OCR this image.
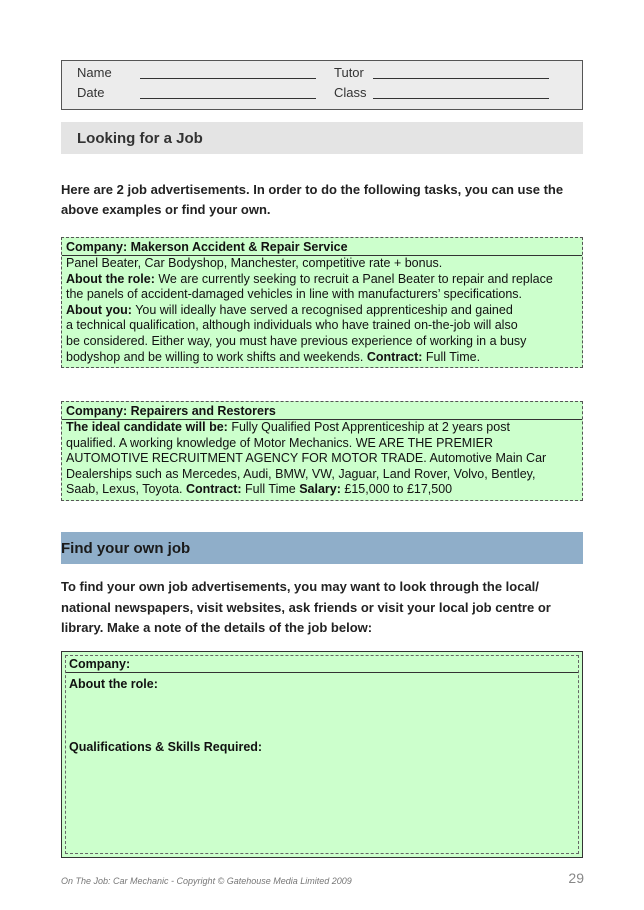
Name
Date
Tutor
Class
Looking for a Job
Here are 2 job advertisements. In order to do the following tasks, you can use the
above examples or find your own.
Company: Makerson Accident & Repair Service
Panel Beater, Car Bodyshop, Manchester, competitive rate + bonus.
About the role: We are currently seeking to recruit a Panel Beater to repair and replace
the panels of accident-damaged vehicles in line with manufacturers’ specifications.
About you: You will ideally have served a recognised apprenticeship and gained
a technical qualification, although individuals who have trained on-the-job will also
be considered. Either way, you must have previous experience of working in a busy
bodyshop and be willing to work shifts and weekends. Contract: Full Time.
Company: Repairers and Restorers
The ideal candidate will be: Fully Qualified Post Apprenticeship at 2 years post
qualified. A working knowledge of Motor Mechanics. WE ARE THE PREMIER
AUTOMOTIVE RECRUITMENT AGENCY FOR MOTOR TRADE. Automotive Main Car
Dealerships such as Mercedes, Audi, BMW, VW, Jaguar, Land Rover, Volvo, Bentley,
Saab, Lexus, Toyota. Contract: Full Time Salary: £15,000 to £17,500
Find your own job
To find your own job advertisements, you may want to look through the local/
national newspapers, visit websites, ask friends or visit your local job centre or
library. Make a note of the details of the job below:
Company:
About the role:
Qualifications & Skills Required:
On The Job: Car Mechanic - Copyright © Gatehouse Media Limited 2009	29
